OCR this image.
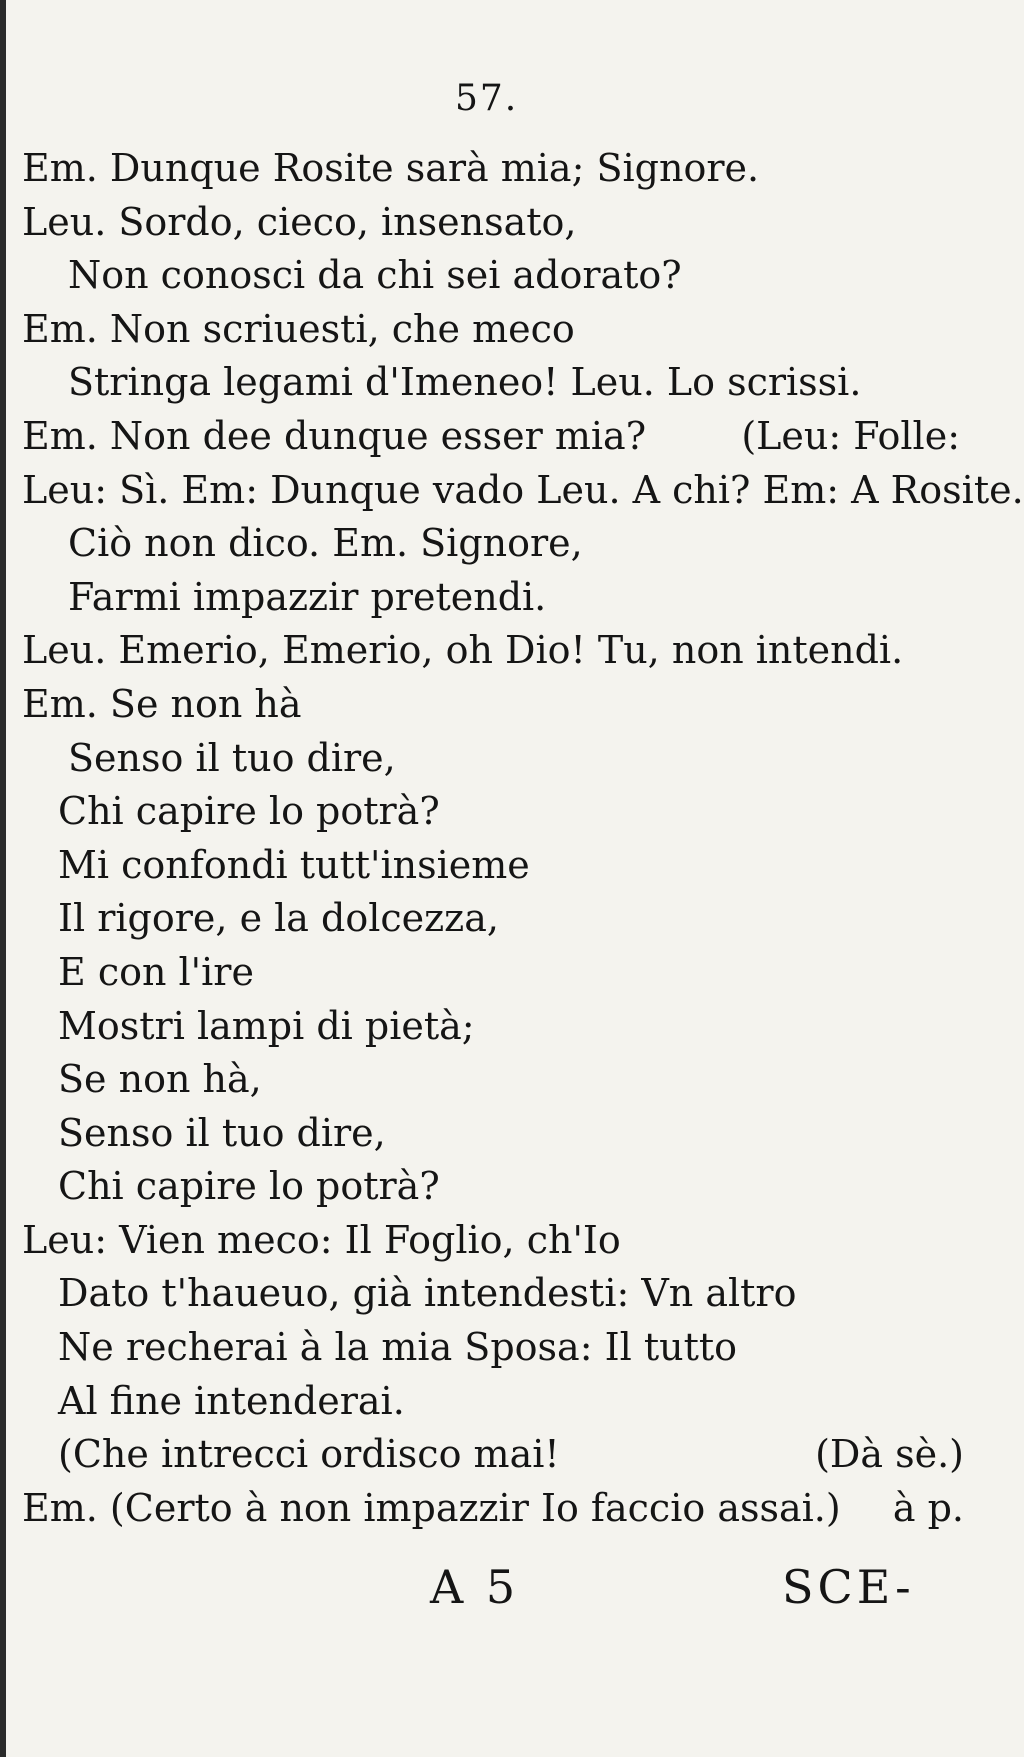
57.
Em. Dunque Rosite sarà mia; Signore.
Leu. Sordo, cieco, insensato,
Non conosci da chi sei adorato?
Em. Non scriuesti, che meco
Stringa legami d'Imeneo! Leu. Lo scrissi.
Em. Non dee dunque esser mia?	(Leu: Folle:
Leu: Sì. Em: Dunque vado Leu. A chi? Em: A Rosite.
Ciò non dico. Em. Signore,
Farmi impazzir pretendi.
Leu. Emerio, Emerio, oh Dio! Tu, non intendi.
Em. Se non hà
Senso il tuo dire,
Chi capire lo potrà?
Mi confondi tutt'insieme
Il rigore, e la dolcezza,
E con l'ire
Mostri lampi di pietà;
Se non hà,
Senso il tuo dire,
Chi capire lo potrà?
Leu: Vien meco: Il Foglio, ch'Io
Dato t'haueuo, già intendesti: Vn altro
Ne recherai à la mia Sposa: Il tutto
Al fine intenderai.
(Che intrecci ordisco mai!	(Dà sè.)
Em. (Certo à non impazzir Io faccio assai.) à p.
A 5	SCE-
